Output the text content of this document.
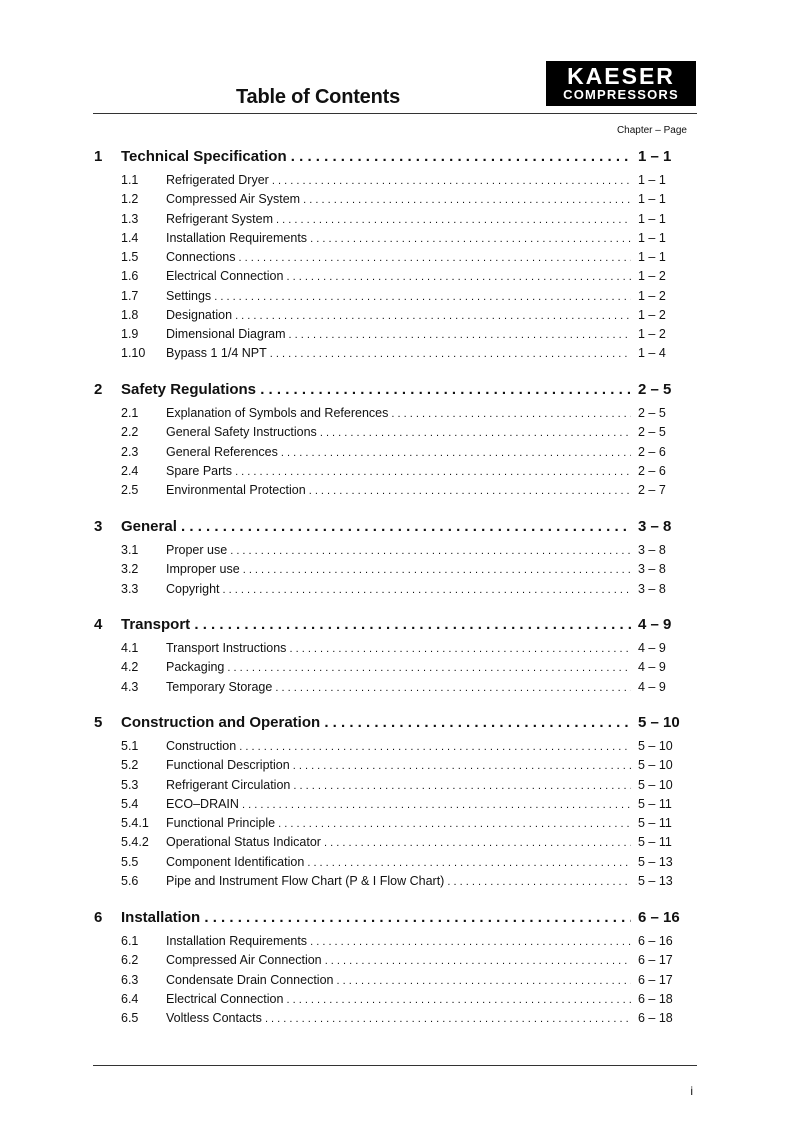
Table of Contents
KAESER
COMPRESSORS
Chapter – Page
1 Technical Specification . . .	1 – 1
1.1 Refrigerated Dryer . . .	1 – 1
1.2 Compressed Air System . . .	1 – 1
1.3 Refrigerant System . . .	1 – 1
1.4 Installation Requirements . . .	1 – 1
1.5 Connections . . .	1 – 1
1.6 Electrical Connection . . .	1 – 2
1.7 Settings . . .	1 – 2
1.8 Designation . . .	1 – 2
1.9 Dimensional Diagram . . .	1 – 2
1.10 Bypass 1 1/4 NPT . . .	1 – 4
2 Safety Regulations . . .	2 – 5
2.1 Explanation of Symbols and References . . .	2 – 5
2.2 General Safety Instructions . . .	2 – 5
2.3 General References . . .	2 – 6
2.4 Spare Parts . . .	2 – 6
2.5 Environmental Protection . . .	2 – 7
3 General . . .	3 – 8
3.1 Proper use . . .	3 – 8
3.2 Improper use . . .	3 – 8
3.3 Copyright . . .	3 – 8
4 Transport . . .	4 – 9
4.1 Transport Instructions . . .	4 – 9
4.2 Packaging . . .	4 – 9
4.3 Temporary Storage . . .	4 – 9
5 Construction and Operation . . .	5 – 10
5.1 Construction . . .	5 – 10
5.2 Functional Description . . .	5 – 10
5.3 Refrigerant Circulation . . .	5 – 10
5.4 ECO–DRAIN . . .	5 – 11
5.4.1 Functional Principle . . .	5 – 11
5.4.2 Operational Status Indicator . . .	5 – 11
5.5 Component Identification . . .	5 – 13
5.6 Pipe and Instrument Flow Chart (P & I Flow Chart) . . .	5 – 13
6 Installation . . .	6 – 16
6.1 Installation Requirements . . .	6 – 16
6.2 Compressed Air Connection . . .	6 – 17
6.3 Condensate Drain Connection . . .	6 – 17
6.4 Electrical Connection . . .	6 – 18
6.5 Voltless Contacts . . .	6 – 18
i
